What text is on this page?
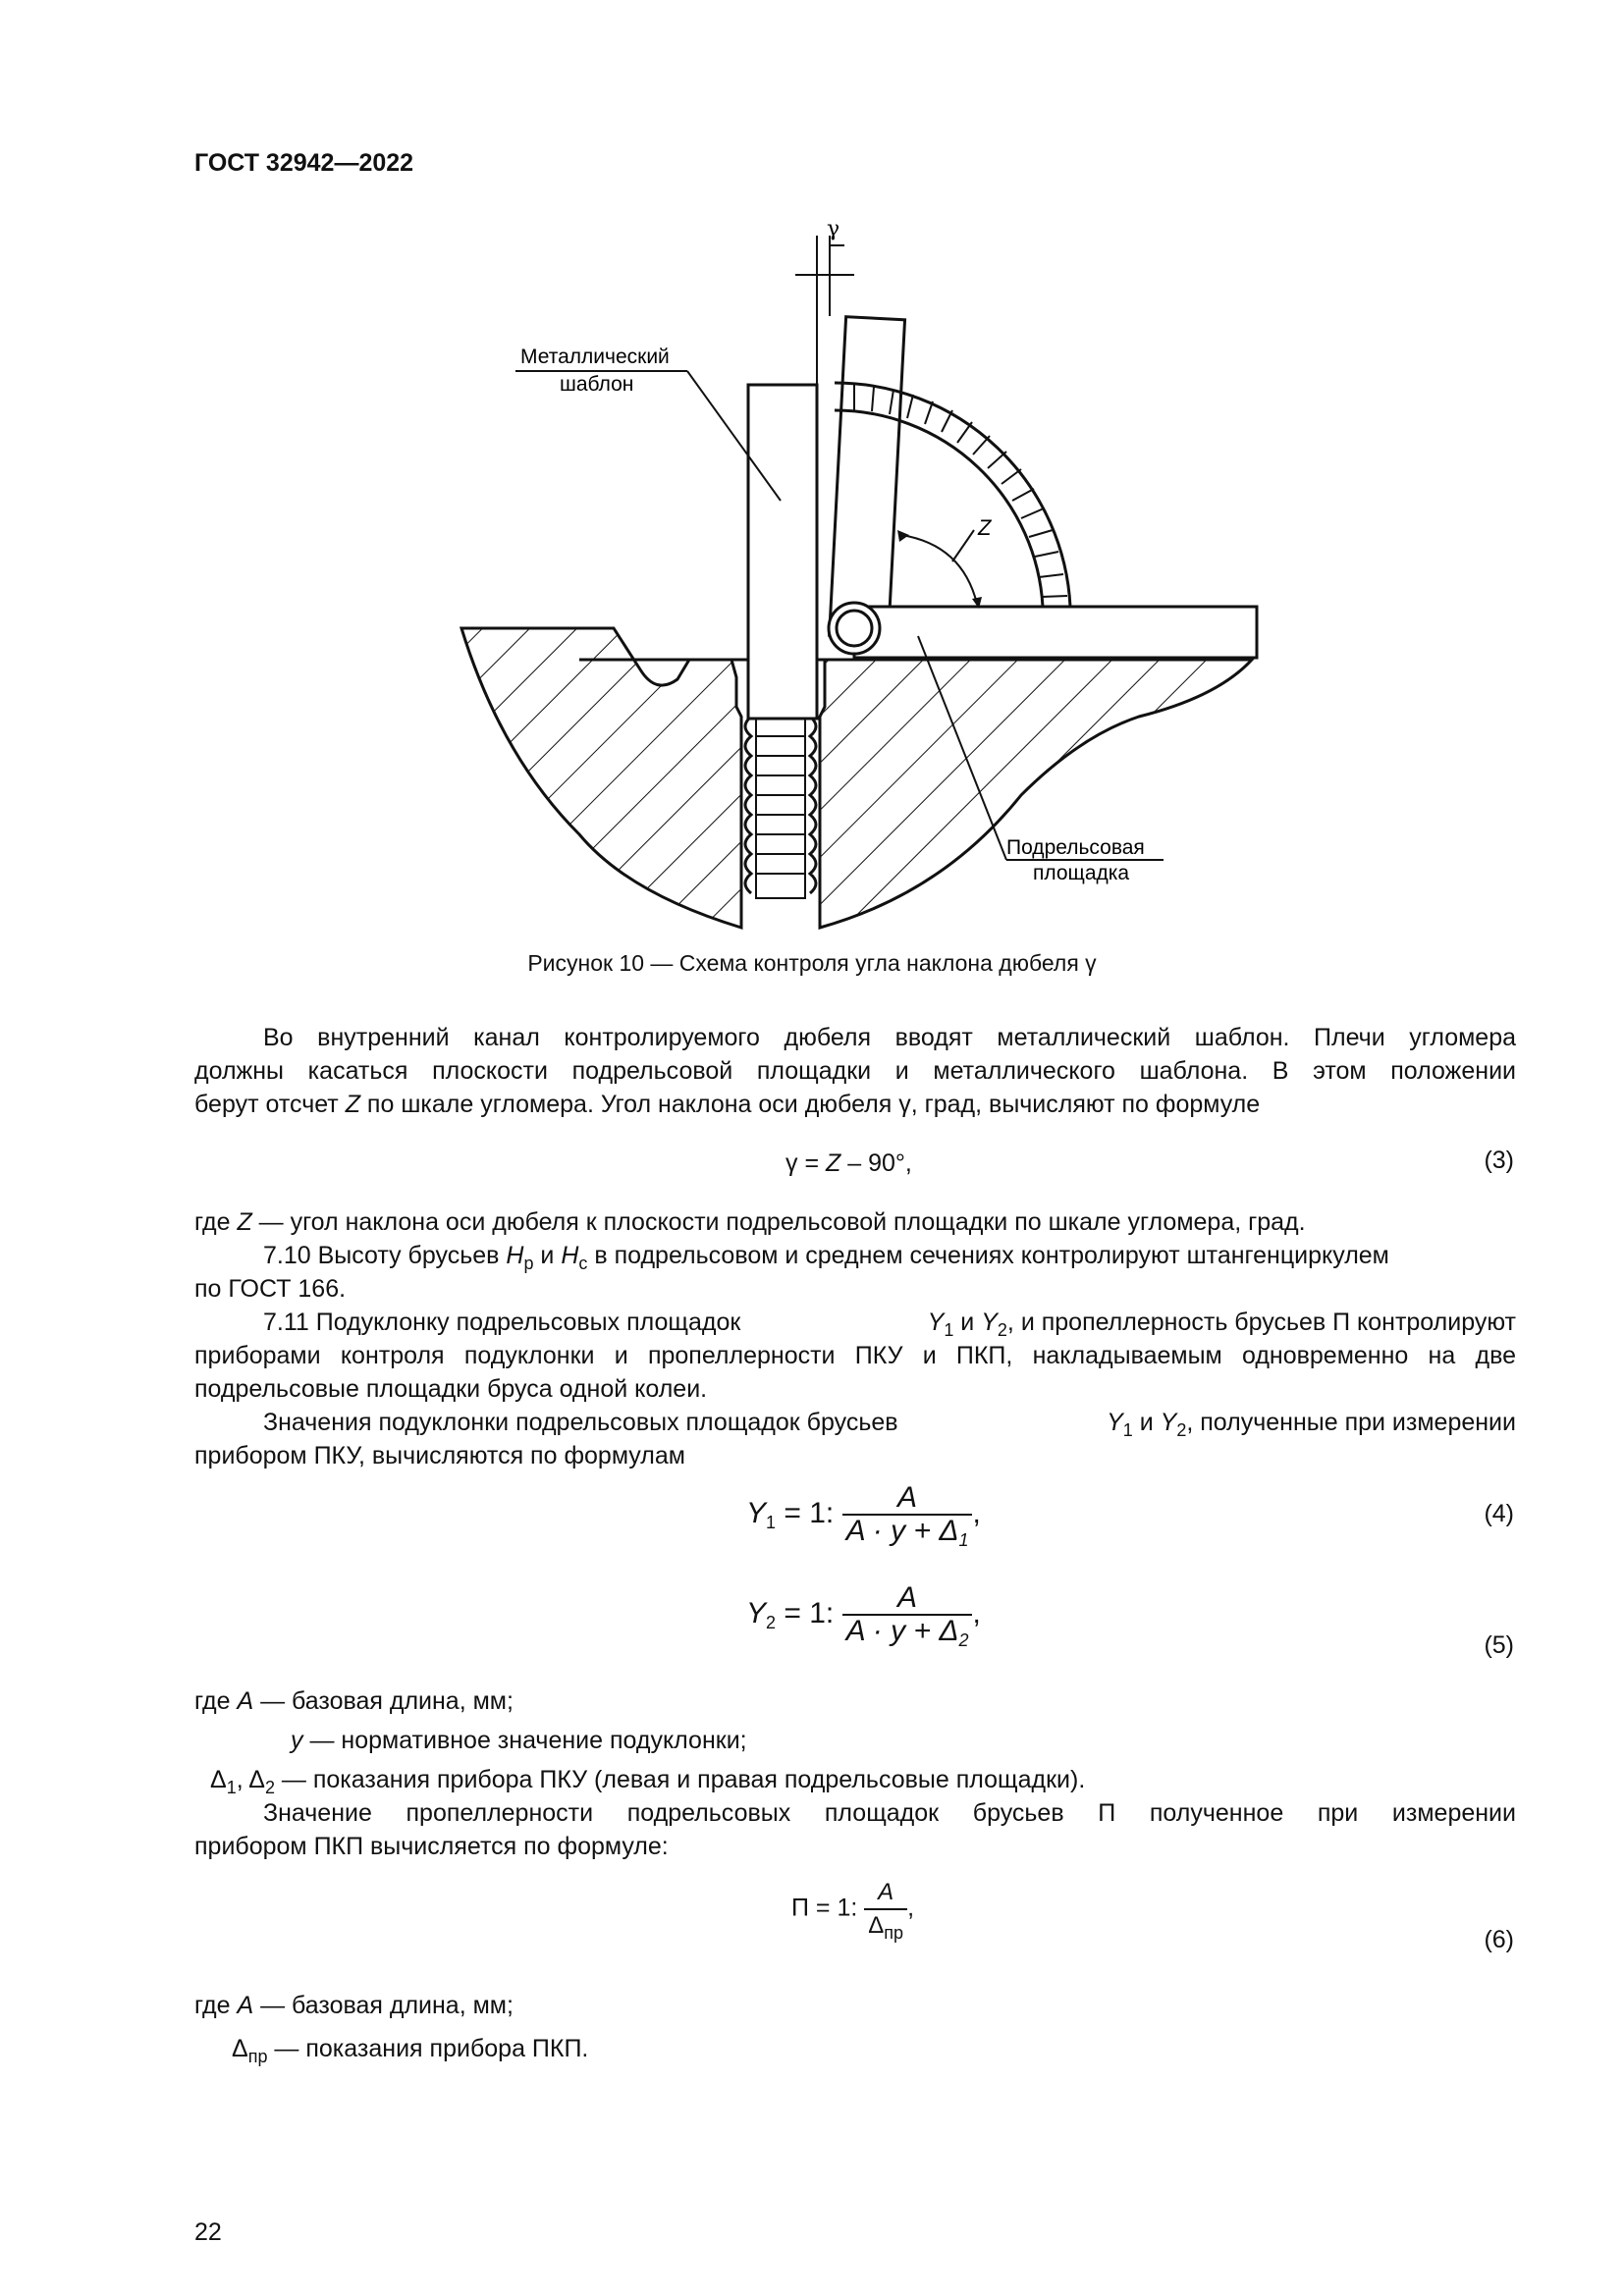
ГОСТ 32942—2022
Z
γ
Металлический
шаблон
Подрельсовая
площадка
Рисунок 10 — Схема контроля угла наклона дюбеля γ
Во внутренний канал контролируемого дюбеля вводят металлический шаблон. Плечи угломера
должны касаться плоскости подрельсовой площадки и металлического шаблона. В этом положении
берут отсчет Z по шкале угломера. Угол наклона оси дюбеля γ, град, вычисляют по формуле
γ = Z – 90°,	(3)
где Z — угол наклона оси дюбеля к плоскости подрельсовой площадки по шкале угломера, град.
7.10 Высоту брусьев $H_р$ и $H_с$ в подрельсовом и среднем сечениях контролируют штангенциркулем
по ГОСТ 166.
7.11 Подуклонку подрельсовых площадок	$Y_1$ и $Y_2$, и пропеллерность брусьев П контролируют
приборами контроля подуклонки и пропеллерности ПКУ и ПКП, накладываемым одновременно на две
подрельсовые площадки бруса одной колеи.
Значения подуклонки подрельсовых площадок брусьев	$Y_1$ и $Y_2$, полученные при измерении
прибором ПКУ, вычисляются по формулам
$Y_1 = 1$: $\frac{A}{A \cdot y + \Delta_1}$ ,	(4)
$Y_2 = 1$: $\frac{A}{A \cdot y + \Delta_2}$ ,
(5)
где A — базовая длина, мм;
y — нормативное значение подуклонки;
$\Delta_1$, $\Delta_2$ — показания прибора ПКУ (левая и правая подрельсовые площадки).
Значение пропеллерности подрельсовых площадок брусьев П полученное при измерении
прибором ПКП вычисляется по формуле:
П = 1: $\frac{A}{\Delta_{пр}}$ ,
(6)
где A — базовая длина, мм;
$\Delta_{пр}$ — показания прибора ПКП.
22
